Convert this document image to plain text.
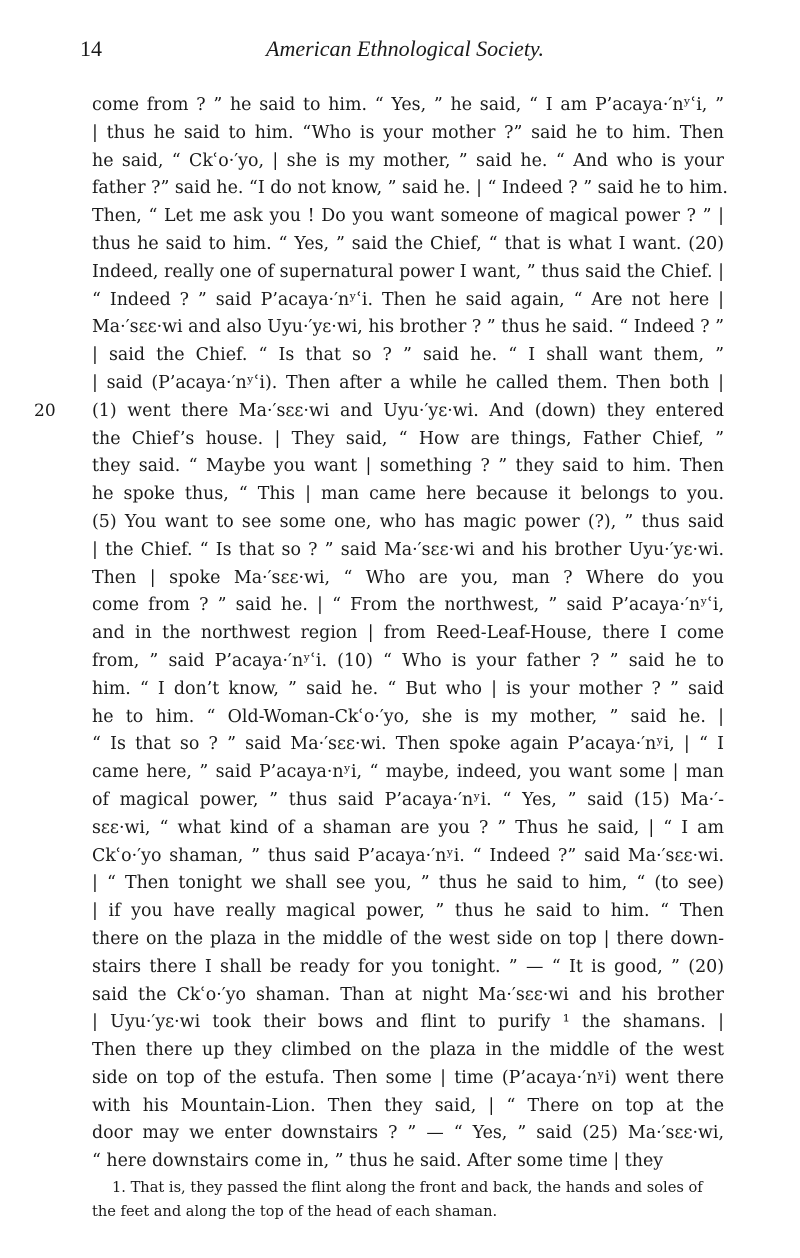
14	American Ethnological Society.
come from ? ” he said to him. “ Yes, ” he said, “ I am P’acaya·′nʸʿi, ”
| thus he said to him. “Who is your mother ?” said he to him. Then
he said, “ Ckʿo·′yo, | she is my mother, ” said he. “ And who is your
father ?” said he. “I do not know, ” said he. | “ Indeed ? ” said he to him.
Then, “ Let me ask you ! Do you want someone of magical power ? ” |
thus he said to him. “ Yes, ” said the Chief, “ that is what I want. (20)
Indeed, really one of supernatural power I want, ” thus said the Chief. |
“ Indeed ? ” said P’acaya·′nʸʿi. Then he said again, “ Are not here |
Ma·′sɛɛ·wi and also Uyu·′yɛ·wi, his brother ? ” thus he said. “ Indeed ? ”
| said the Chief. “ Is that so ? ” said he. “ I shall want them, ”
| said (P’acaya·′nʸʿi). Then after a while he called them. Then both |
(1) went there Ma·′sɛɛ·wi and Uyu·′yɛ·wi. And (down) they entered
20
the Chief’s house. | They said, “ How are things, Father Chief, ”
they said. “ Maybe you want | something ? ” they said to him. Then
he spoke thus, “ This | man came here because it belongs to you.
(5) You want to see some one, who has magic power (?), ” thus said
| the Chief. “ Is that so ? ” said Ma·′sɛɛ·wi and his brother Uyu·′yɛ·wi.
Then | spoke Ma·′sɛɛ·wi, “ Who are you, man ? Where do you
come from ? ” said he. | “ From the northwest, ” said P’acaya·′nʸʿi,
and in the northwest region | from Reed-Leaf-House, there I come
from, ” said P’acaya·′nʸʿi. (10) “ Who is your father ? ” said he to
him. “ I don’t know, ” said he. “ But who | is your mother ? ” said
he to him. “ Old-Woman-Ckʿo·′yo, she is my mother, ” said he. |
“ Is that so ? ” said Ma·′sɛɛ·wi. Then spoke again P’acaya·′nʸi, | “ I
came here, ” said P’acaya·nʸi, “ maybe, indeed, you want some | man
of magical power, ” thus said P’acaya·′nʸi. “ Yes, ” said (15) Ma·′-
sɛɛ·wi, “ what kind of a shaman are you ? ” Thus he said, | “ I am
Ckʿo·′yo shaman, ” thus said P’acaya·′nʸi. “ Indeed ?” said Ma·′sɛɛ·wi.
| “ Then tonight we shall see you, ” thus he said to him, “ (to see)
| if you have really magical power, ” thus he said to him. “ Then
there on the plaza in the middle of the west side on top | there down-
stairs there I shall be ready for you tonight. ” — “ It is good, ” (20)
said the Ckʿo·′yo shaman. Than at night Ma·′sɛɛ·wi and his brother
| Uyu·′yɛ·wi took their bows and flint to purify ¹ the shamans. |
Then there up they climbed on the plaza in the middle of the west
side on top of the estufa. Then some | time (P’acaya·′nʸi) went there
with his Mountain-Lion. Then they said, | “ There on top at the
door may we enter downstairs ? ” — “ Yes, ” said (25) Ma·′sɛɛ·wi,
“ here downstairs come in, ” thus he said. After some time | they
1. That is, they passed the flint along the front and back, the hands and soles of
the feet and along the top of the head of each shaman.
